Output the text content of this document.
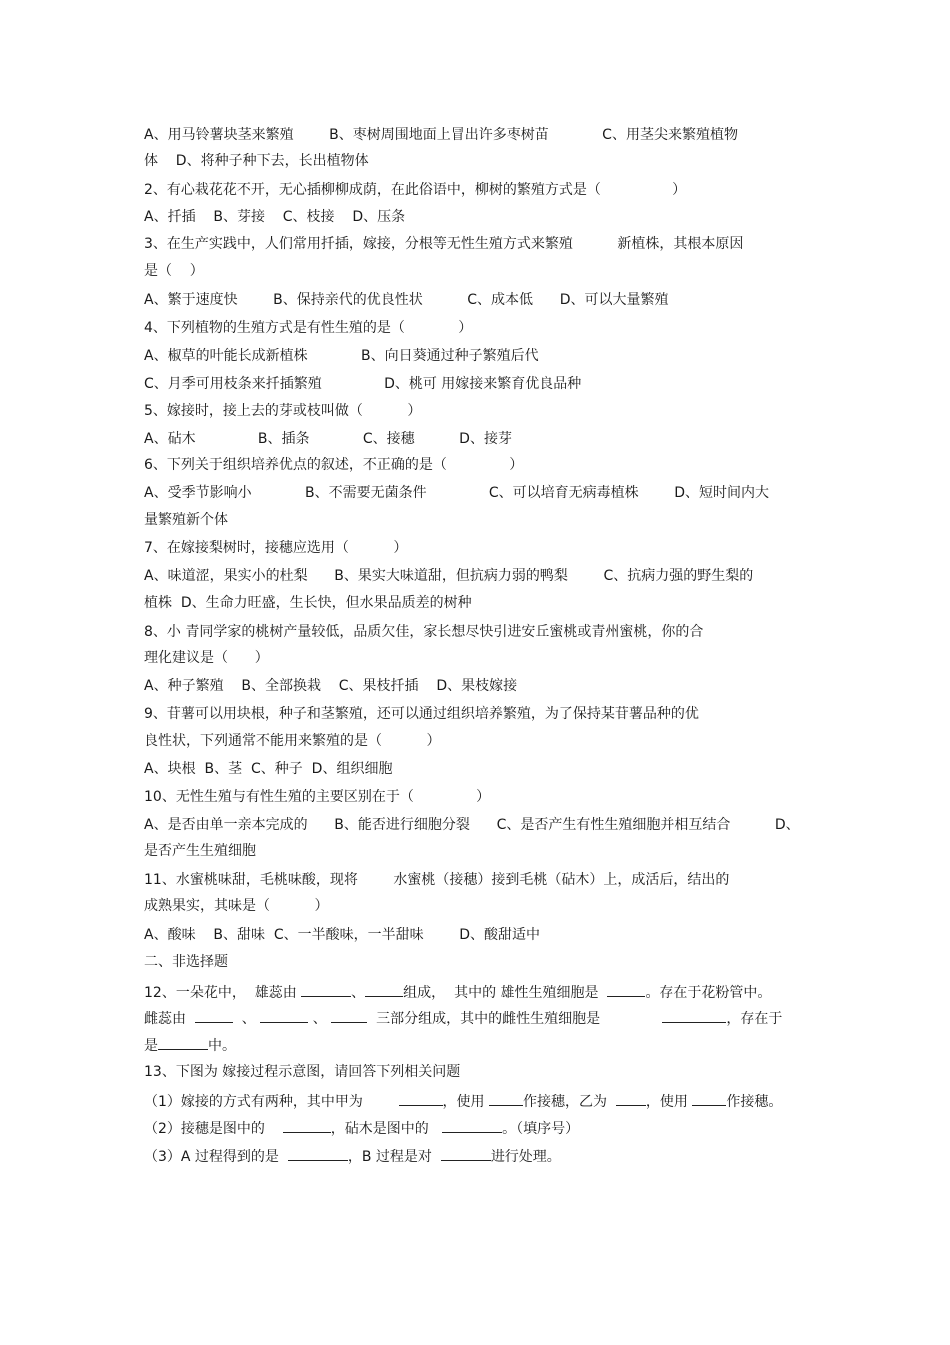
A、用马铃薯块茎来繁殖        B、枣树周围地面上冒出许多枣树苗            C、用茎尖来繁殖植物
体    D、将种子种下去，长出植物体
2、有心栽花花不开，无心插柳柳成荫，在此俗语中，柳树的繁殖方式是（                ）
A、扦插    B、芽接    C、枝接    D、压条
3、在生产实践中，人们常用扦插，嫁接，分根等无性生殖方式来繁殖          新植株，其根本原因
是（    ）
A、繁于速度快        B、保持亲代的优良性状          C、成本低      D、可以大量繁殖
4、下列植物的生殖方式是有性生殖的是（            ）
A、椒草的叶能长成新植株            B、向日葵通过种子繁殖后代
C、月季可用枝条来扦插繁殖              D、桃可 用嫁接来繁育优良品种
5、嫁接时，接上去的芽或枝叫做（          ）
A、砧木              B、插条            C、接穗          D、接芽
6、下列关于组织培养优点的叙述，不正确的是（              ）
A、受季节影响小            B、不需要无菌条件              C、可以培育无病毒植株        D、短时间内大
量繁殖新个体
7、在嫁接梨树时，接穗应选用（          ）
A、味道涩，果实小的杜梨      B、果实大味道甜，但抗病力弱的鸭梨        C、抗病力强的野生梨的
植株  D、生命力旺盛，生长快，但水果品质差的树种
8、小 青同学家的桃树产量较低，品质欠佳，家长想尽快引进安丘蜜桃或青州蜜桃，你的合
理化建议是（      ）
A、种子繁殖    B、全部换栽    C、果枝扦插    D、果枝嫁接
9、苷薯可以用块根，种子和茎繁殖，还可以通过组织培养繁殖，为了保持某苷薯品种的优
良性状，下列通常不能用来繁殖的是（          ）
A、块根  B、茎  C、种子  D、组织细胞
10、无性生殖与有性生殖的主要区别在于（              ）
A、是否由单一亲本完成的      B、能否进行细胞分裂      C、是否产生有性生殖细胞并相互结合          D、
是否产生生殖细胞
11、水蜜桃味甜，毛桃味酸，现将        水蜜桃（接穗）接到毛桃（砧木）上，成活后，结出的
成熟果实，其味是（          ）
A、酸味    B、甜味  C、一半酸味，一半甜味        D、酸甜适中
二、非选择题
12、一朵花中，  雄蕊由	、	组成，  其中的 雄性生殖细胞是	。存在于花粉管中。
雌蕊由	、	、	三部分组成，其中的雌性生殖细胞是	，存在于
是	中。
13、下图为 嫁接过程示意图，请回答下列相关问题
（1）嫁接的方式有两种，其中甲为	，使用 作接穗，乙为  ，使用 作接穗。
（2）接穗是图中的	，砧木是图中的	。（填序号）
（3）A 过程得到的是	，B 过程是对	进行处理。
